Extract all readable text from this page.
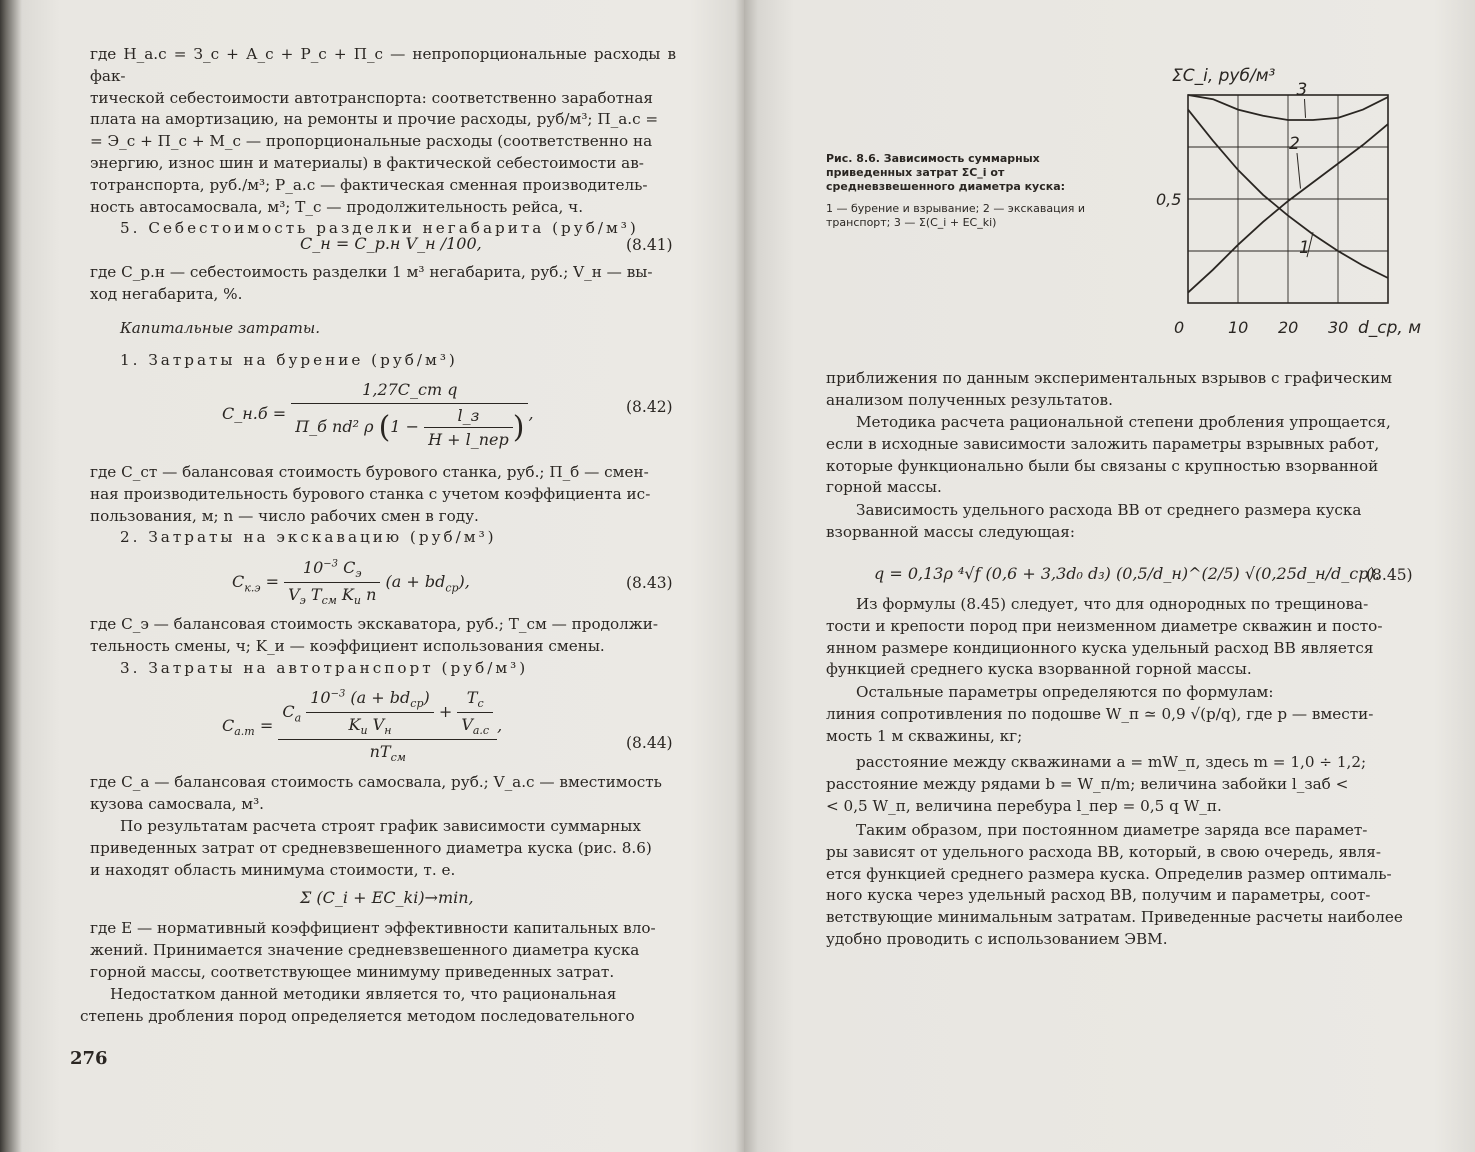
где Н_а.с = З_с + А_с + Р_с + П_с — непропорциональные расходы в фак-
тической себестоимости автотранспорта: соответственно заработная
плата на амортизацию, на ремонты и прочие расходы, руб/м³; П_а.с =
= Э_с + П_с + М_с — пропорциональные расходы (соответственно на
энергию, износ шин и материалы) в фактической себестоимости ав-
тотранспорта, руб./м³; Р_а.с — фактическая сменная производитель-
ность автосамосвала, м³; Т_с — продолжительность рейса, ч.
5. Себестоимость разделки негабарита (руб/м³)
C_н = C_р.н V_н /100,	(8.41)
где C_р.н — себестоимость разделки 1 м³ негабарита, руб.; V_н — вы-
ход негабарита, %.
Капитальные затраты.
1. Затраты на бурение (руб/м³)
C_н.б = $\frac{\text{1,27C\_ст q}}{П\_б nd^2 \rho (1 - \frac{l\_з}{\text{H + l\_пер}} )}$ ,	(8.42)
где C_ст — балансовая стоимость бурового станка, руб.; П_б — смен-
ная производительность бурового станка с учетом коэффициента ис-
пользования, м; n — число рабочих смен в году.
2. Затраты на экскавацию (руб/м³)
$C_{к.э} = \frac{10^{-3} C_э}{V_э T_{см} K_и n} (a + bd_{ср})$,	(8.43)
где C_э — балансовая стоимость экскаватора, руб.; T_см — продолжи-
тельность смены, ч; K_и — коэффициент использования смены.
3. Затраты на автотранспорт (руб/м³)
$C_{а.т}$ =
$C_а \frac{10^{-3} (a + bd_{ср})}{K_и V_н} + \frac{T_с}{V_{а.с}}$
$nT_{см}$
,
(8.44)
где C_а — балансовая стоимость самосвала, руб.; V_а.с — вместимость
кузова самосвала, м³.
По результатам расчета строят график зависимости суммарных
приведенных затрат от средневзвешенного диаметра куска (рис. 8.6)
и находят область минимума стоимости, т. е.
Σ (C_i + EC_ki)→min,
где E — нормативный коэффициент эффективности капитальных вло-
жений. Принимается значение средневзвешенного диаметра куска
горной массы, соответствующее минимуму приведенных затрат.
Недостатком данной методики является то, что рациональная
степень дробления пород определяется методом последовательного
276
Рис. 8.6. Зависимость суммарных приведенных затрат ΣC_i от средневзвешенного диаметра куска:
1 — бурение и взрывание; 2 — экскавация и транспорт; 3 — Σ(C_i + EC_ki)
1
2
3
0,5
0	10 20 30 d_ср, м
ΣC_i, руб/м³
приближения по данным экспериментальных взрывов с графическим
анализом полученных результатов.
Методика расчета рациональной степени дробления упрощается,
если в исходные зависимости заложить параметры взрывных работ,
которые функционально были бы связаны с крупностью взорванной
горной массы.
Зависимость удельного расхода ВВ от среднего размера куска
взорванной массы следующая:
q = 0,13ρ ⁴√f (0,6 + 3,3d₀ d₃) (0,5/d_н)^(2/5) √(0,25d_н/d_ср).
(8.45)
Из формулы (8.45) следует, что для однородных по трещинова-
тости и крепости пород при неизменном диаметре скважин и посто-
янном размере кондиционного куска удельный расход ВВ является
функцией среднего куска взорванной горной массы.
Остальные параметры определяются по формулам:
линия сопротивления по подошве W_п ≃ 0,9 √(p/q), где p — вмести-
мость 1 м скважины, кг;
расстояние между скважинами a = mW_п, здесь m = 1,0 ÷ 1,2;
расстояние между рядами b = W_п/m; величина забойки l_заб <
< 0,5 W_п, величина перебура l_пер = 0,5 q W_п.
Таким образом, при постоянном диаметре заряда все парамет-
ры зависят от удельного расхода ВВ, который, в свою очередь, явля-
ется функцией среднего размера куска. Определив размер оптималь-
ного куска через удельный расход ВВ, получим и параметры, соот-
ветствующие минимальным затратам. Приведенные расчеты наиболее
удобно проводить с использованием ЭВМ.
